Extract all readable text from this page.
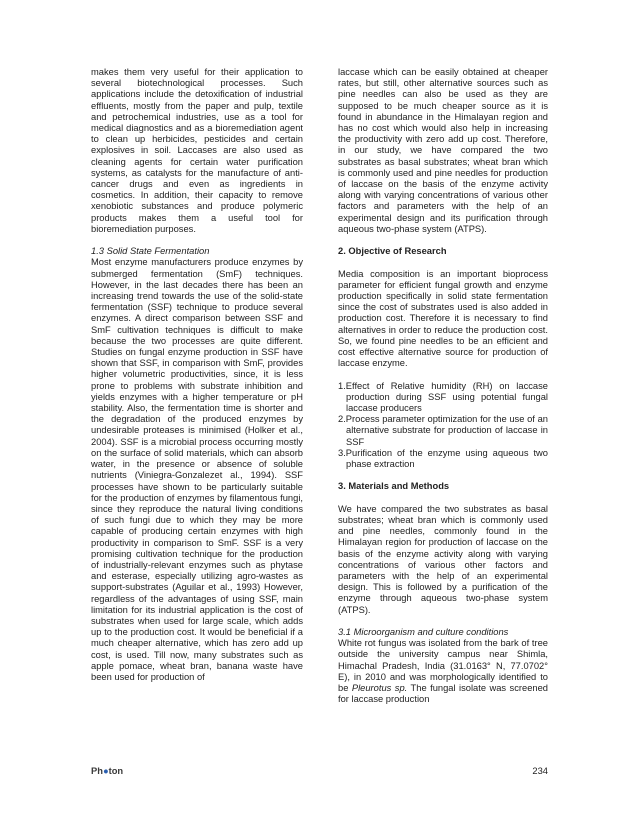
makes them very useful for their application to several biotechnological processes. Such applications include the detoxification of industrial effluents, mostly from the paper and pulp, textile and petrochemical industries, use as a tool for medical diagnostics and as a bioremediation agent to clean up herbicides, pesticides and certain explosives in soil. Laccases are also used as cleaning agents for certain water purification systems, as catalysts for the manufacture of anti-cancer drugs and even as ingredients in cosmetics. In addition, their capacity to remove xenobiotic substances and produce polymeric products makes them a useful tool for bioremediation purposes.

1.3 Solid State Fermentation

Most enzyme manufacturers produce enzymes by submerged fermentation (SmF) techniques. However, in the last decades there has been an increasing trend towards the use of the solid-state fermentation (SSF) technique to produce several enzymes. A direct comparison between SSF and SmF cultivation techniques is difficult to make because the two processes are quite different. Studies on fungal enzyme production in SSF have shown that SSF, in comparison with SmF, provides higher volumetric productivities, since, it is less prone to problems with substrate inhibition and yields enzymes with a higher temperature or pH stability. Also, the fermentation time is shorter and the degradation of the produced enzymes by undesirable proteases is minimised (Holker et al., 2004). SSF is a microbial process occurring mostly on the surface of solid materials, which can absorb water, in the presence or absence of soluble nutrients (Viniegra-Gonzalezet al., 1994). SSF processes have shown to be particularly suitable for the production of enzymes by filamentous fungi, since they reproduce the natural living conditions of such fungi due to which they may be more capable of producing certain enzymes with high productivity in comparison to SmF. SSF is a very promising cultivation technique for the production of industrially-relevant enzymes such as phytase and esterase, especially utilizing agro-wastes as support-substrates (Aguilar et al., 1993) However, regardless of the advantages of using SSF, main limitation for its industrial application is the cost of substrates when used for large scale, which adds up to the production cost. It would be beneficial if a much cheaper alternative, which has zero add up cost, is used. Till now, many substrates such as apple pomace, wheat bran, banana waste have been used for production of

laccase which can be easily obtained at cheaper rates, but still, other alternative sources such as pine needles can also be used as they are supposed to be much cheaper source as it is found in abundance in the Himalayan region and has no cost which would also help in increasing the productivity with zero add up cost. Therefore, in our study, we have compared the two substrates as basal substrates; wheat bran which is commonly used and pine needles for production of laccase on the basis of the enzyme activity along with varying concentrations of various other factors and parameters with the help of an experimental design and its purification through aqueous two-phase system (ATPS).

2. Objective of Research

Media composition is an important bioprocess parameter for efficient fungal growth and enzyme production specifically in solid state fermentation since the cost of substrates used is also added in production cost. Therefore it is necessary to find alternatives in order to reduce the production cost. So, we found pine needles to be an efficient and cost effective alternative source for production of laccase enzyme.

1.Effect of Relative humidity (RH) on laccase production during SSF using potential fungal laccase producers
2.Process parameter optimization for the use of an alternative substrate for production of laccase in SSF
3.Purification of the enzyme using aqueous two phase extraction
3. Materials and Methods

We have compared the two substrates as basal substrates; wheat bran which is commonly used and pine needles, commonly found in the Himalayan region for production of laccase on the basis of the enzyme activity along with varying concentrations of various other factors and parameters with the help of an experimental design. This is followed by a purification of the enzyme through aqueous two-phase system (ATPS).

3.1 Microorganism and culture conditions

White rot fungus was isolated from the bark of tree outside the university campus near Shimla, Himachal Pradesh, India (31.0163° N, 77.0702° E), in 2010 and was morphologically identified to be Pleurotus sp. The fungal isolate was screened for laccase production

Ph●ton	234
